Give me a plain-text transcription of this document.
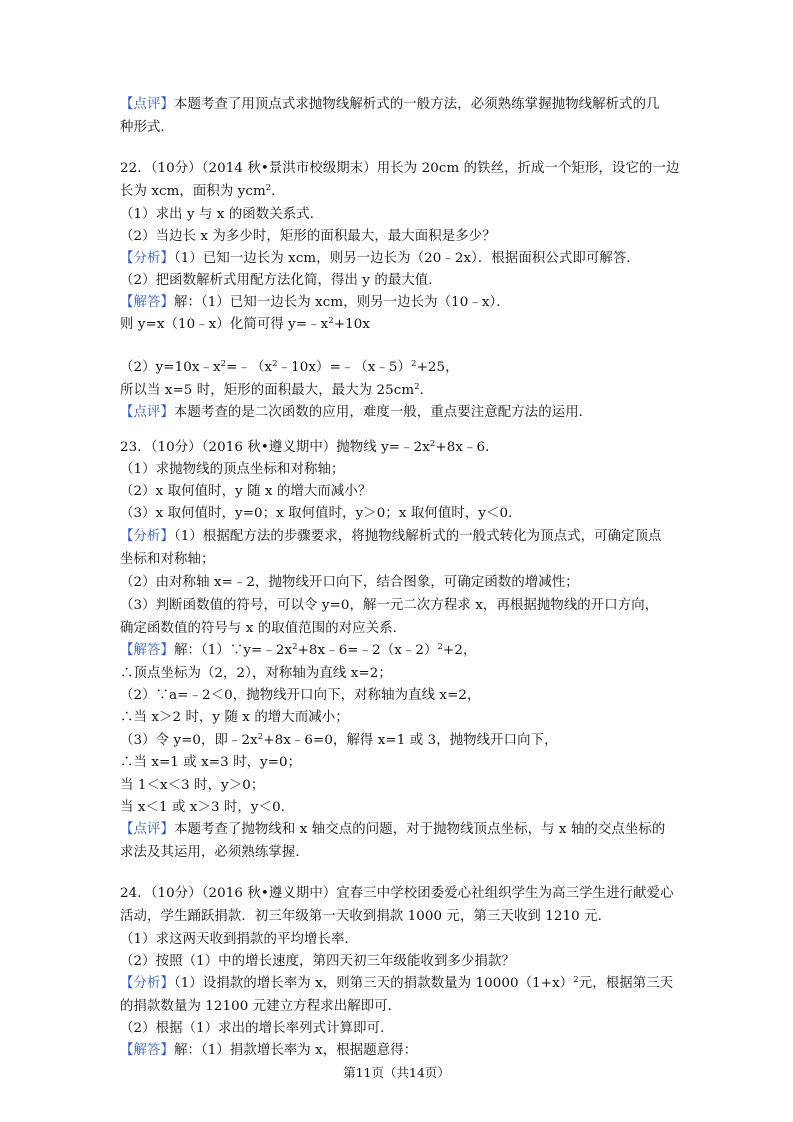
【点评】本题考查了用顶点式求抛物线解析式的一般方法，必须熟练掌握抛物线解析式的几
种形式．
22．（10分）（2014 秋•景洪市校级期末）用长为 20cm 的铁丝，折成一个矩形，设它的一边
长为 xcm，面积为 ycm$^2$．
（1）求出 y 与 x 的函数关系式．
（2）当边长 x 为多少时，矩形的面积最大，最大面积是多少？
【分析】（1）已知一边长为 xcm，则另一边长为（20﹣2x）．根据面积公式即可解答．
（2）把函数解析式用配方法化简，得出 y 的最大值．
【解答】解：（1）已知一边长为 xcm，则另一边长为（10﹣x）．
则 y=x（10﹣x）化简可得 $y=﹣x^2+10x$
$(2)y=10x﹣x^2=﹣(x^2﹣10x)=﹣(x﹣5)^2+25$，
所以当 x=5 时，矩形的面积最大，最大为 $25cm^2$．
【点评】本题考查的是二次函数的应用，难度一般，重点要注意配方法的运用．
23．（10分）（2016 秋•遵义期中）抛物线 $y=﹣2x^2+8x﹣6$．
（1）求抛物线的顶点坐标和对称轴；
（2）x 取何值时，y 随 x 的增大而减小？
（3）x 取何值时，y=0；x 取何值时，y＞0；x 取何值时，y＜0．
【分析】（1）根据配方法的步骤要求，将抛物线解析式的一般式转化为顶点式，可确定顶点
坐标和对称轴；
（2）由对称轴 x=﹣2，抛物线开口向下，结合图象，可确定函数的增减性；
（3）判断函数值的符号，可以令 y=0，解一元二次方程求 x，再根据抛物线的开口方向，
确定函数值的符号与 x 的取值范围的对应关系．
【解答】解：$(1)\because y=﹣2x^2+8x﹣6=﹣2(x﹣2)^2+2$，
∴顶点坐标为（2，2），对称轴为直线 x=2；
（2）∵a=﹣2＜0，抛物线开口向下，对称轴为直线 x=2，
∴当 x＞2 时，y 随 x 的增大而减小；
（3）令 y=0，即$﹣2x^2+8x﹣6=0$，解得 x=1 或 3，抛物线开口向下，
∴当 x=1 或 x=3 时，y=0；
当 1＜x＜3 时，y＞0；
当 x＜1 或 x＞3 时，y＜0．
【点评】本题考查了抛物线和 x 轴交点的问题，对于抛物线顶点坐标，与 x 轴的交点坐标的
求法及其运用，必须熟练掌握．
24．（10分）（2016 秋•遵义期中）宜春三中学校团委爱心社组织学生为高三学生进行献爱心
活动，学生踊跃捐款．初三年级第一天收到捐款 1000 元，第三天收到 1210 元．
（1）求这两天收到捐款的平均增长率．
（2）按照（1）中的增长速度，第四天初三年级能收到多少捐款？
【分析】（1）设捐款的增长率为 x，则第三天的捐款数量为 $10000(1+x)^2$元，根据第三天
的捐款数量为 12100 元建立方程求出解即可．
（2）根据（1）求出的增长率列式计算即可．
【解答】解：（1）捐款增长率为 x，根据题意得：
第11页（共14页）
